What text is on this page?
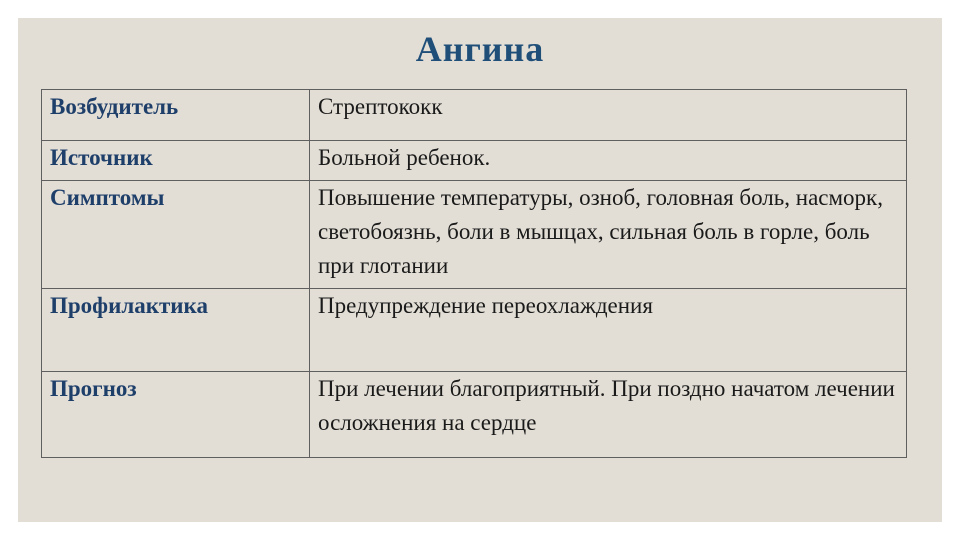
Ангина
Возбудитель	Стрептококк
Источник	Больной ребенок.
Симптомы	Повышение температуры, озноб, головная боль, насморк, светобоязнь, боли в мышцах, сильная боль в горле, боль при глотании
Профилактика	Предупреждение переохлаждения
Прогноз	При лечении благоприятный. При поздно начатом лечении осложнения на сердце
